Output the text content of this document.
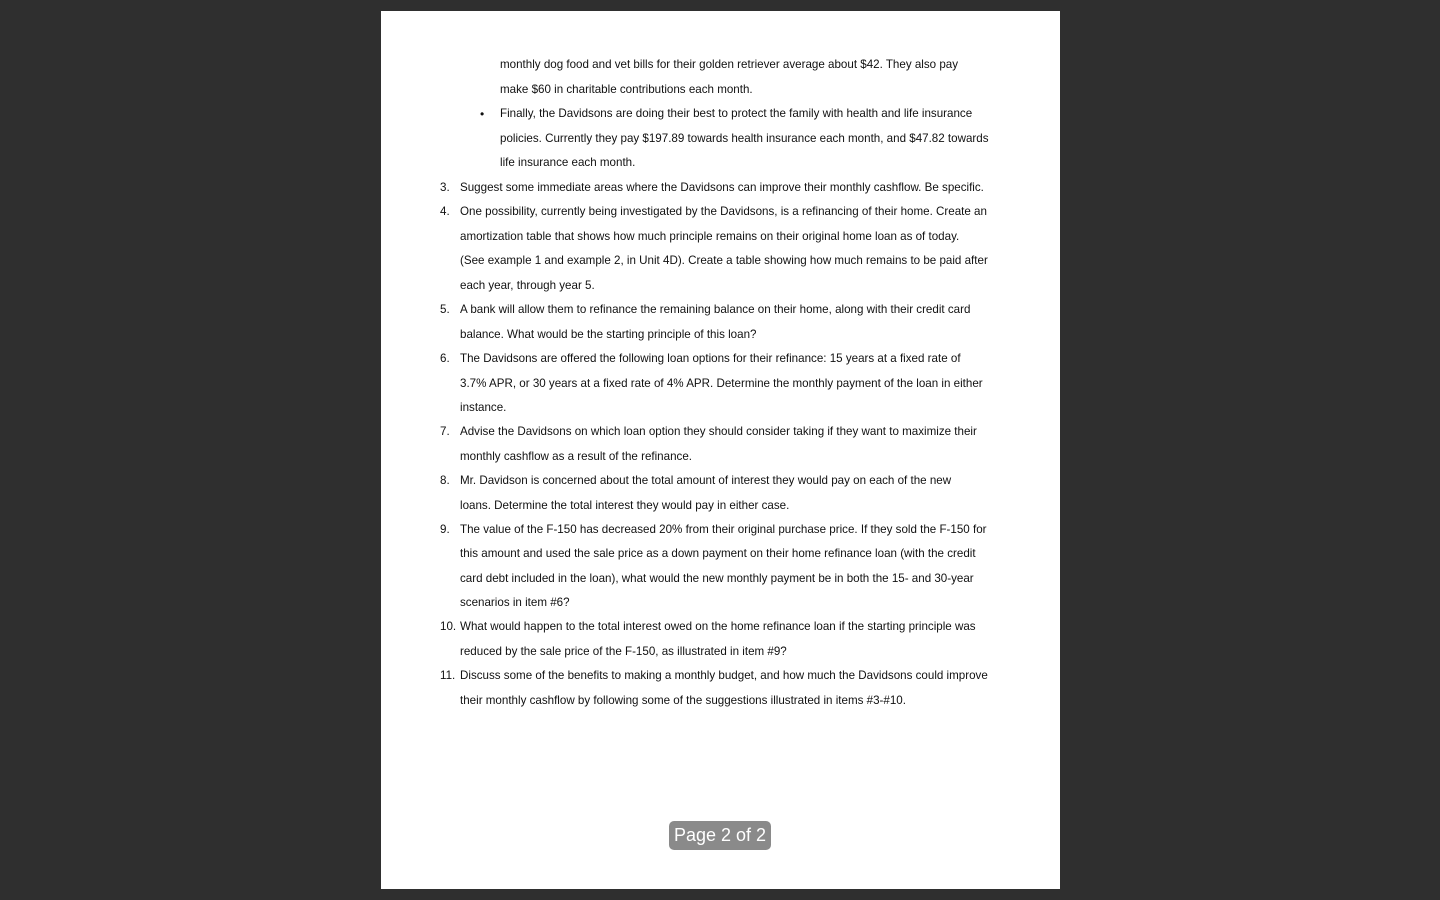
monthly dog food and vet bills for their golden retriever average about $42. They also pay
make $60 in charitable contributions each month.
• Finally, the Davidsons are doing their best to protect the family with health and life insurance
policies. Currently they pay $197.89 towards health insurance each month, and $47.82 towards
life insurance each month.
3. Suggest some immediate areas where the Davidsons can improve their monthly cashflow. Be specific.
4. One possibility, currently being investigated by the Davidsons, is a refinancing of their home. Create an
amortization table that shows how much principle remains on their original home loan as of today.
(See example 1 and example 2, in Unit 4D). Create a table showing how much remains to be paid after
each year, through year 5.
5. A bank will allow them to refinance the remaining balance on their home, along with their credit card
balance. What would be the starting principle of this loan?
6. The Davidsons are offered the following loan options for their refinance: 15 years at a fixed rate of
3.7% APR, or 30 years at a fixed rate of 4% APR. Determine the monthly payment of the loan in either
instance.
7. Advise the Davidsons on which loan option they should consider taking if they want to maximize their
monthly cashflow as a result of the refinance.
8. Mr. Davidson is concerned about the total amount of interest they would pay on each of the new
loans. Determine the total interest they would pay in either case.
9. The value of the F-150 has decreased 20% from their original purchase price. If they sold the F-150 for
this amount and used the sale price as a down payment on their home refinance loan (with the credit
card debt included in the loan), what would the new monthly payment be in both the 15- and 30-year
scenarios in item #6?
10. What would happen to the total interest owed on the home refinance loan if the starting principle was
reduced by the sale price of the F-150, as illustrated in item #9?
11. Discuss some of the benefits to making a monthly budget, and how much the Davidsons could improve
their monthly cashflow by following some of the suggestions illustrated in items #3-#10.
Page 2 of 2
